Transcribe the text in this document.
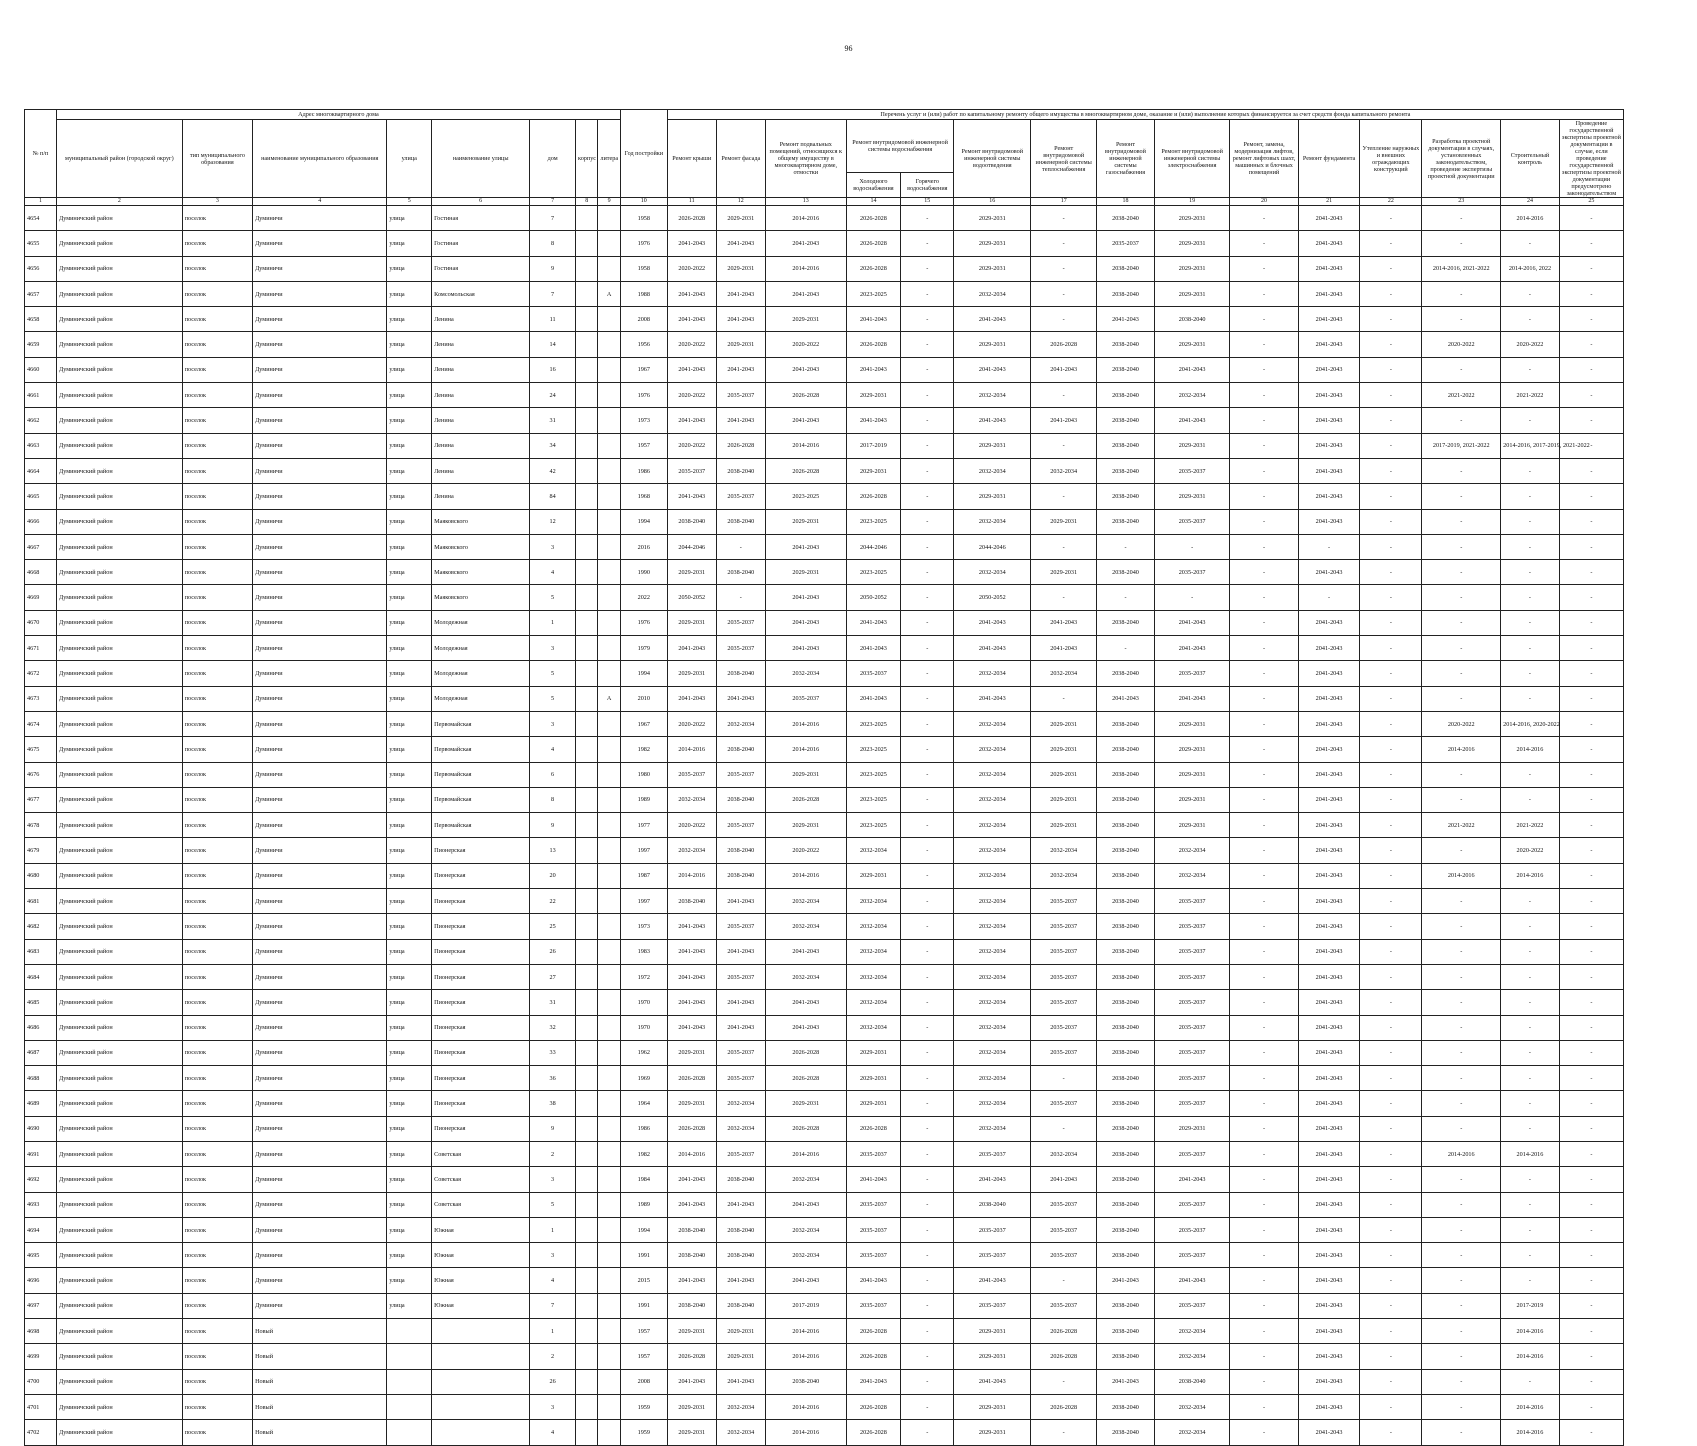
96
№ п/п	Адрес многоквартирного дома								Год постройки	Перечень услуг и (или) работ по капитальному ремонту общего имущества в многоквартирном доме, оказание и (или) выполнение которых финансируется за счет средств фонда капитального ремонта														
	муниципальный район (городской округ)	тип муниципального образования	наименование муниципального образования	улица	наименование улицы	дом	корпус	литера		Ремонт крыши	Ремонт фасада	Ремонт подвальных помещений, относящихся к общему имуществу в многоквартирном доме, отмостки	Ремонт внутридомовой инженерной системы водоснабжения		Ремонт внутридомовой инженерной системы водоотведения	Ремонт внутридомовой инженерной системы теплоснабжения	Ремонт внутридомовой инженерной системы газоснабжения	Ремонт внутридомовой инженерной системы электроснабжения	Ремонт, замена, модернизация лифтов, ремонт лифтовых шахт, машинных и блочных помещений	Ремонт фундамента	Утепление наружных и внешних ограждающих конструкций	Разработка проектной документации в случаях, установленных законодательством, проведение экспертизы проектной документации	Строительный контроль	Проведение государственной экспертизы проектной документации в случае, если проведение государственной экспертизы проектной документации предусмотрено законодательством
													Холодного водоснабжения	Горячего водоснабжения										
1	2	3	4	5	6	7	8	9	10	11	12	13	14	15	16	17	18	19	20	21	22	23	24	25
4654	Думиничский район	поселок	Думиничи	улица	Гостиная	7			1958	2026-2028	2029-2031	2014-2016	2026-2028	-	2029-2031	-	2038-2040	2029-2031	-	2041-2043	-	-	2014-2016	-
4655	Думиничский район	поселок	Думиничи	улица	Гостиная	8			1976	2041-2043	2041-2043	2041-2043	2026-2028	-	2029-2031	-	2035-2037	2029-2031	-	2041-2043	-	-	-	-
4656	Думиничский район	поселок	Думиничи	улица	Гостиная	9			1958	2020-2022	2029-2031	2014-2016	2026-2028	-	2029-2031	-	2038-2040	2029-2031	-	2041-2043	-	2014-2016, 2021-2022	2014-2016, 2022	-
4657	Думиничский район	поселок	Думиничи	улица	Комсомольская	7		А	1988	2041-2043	2041-2043	2041-2043	2023-2025	-	2032-2034	-	2038-2040	2029-2031	-	2041-2043	-	-	-	-
4658	Думиничский район	поселок	Думиничи	улица	Ленина	11			2008	2041-2043	2041-2043	2029-2031	2041-2043	-	2041-2043	-	2041-2043	2038-2040	-	2041-2043	-	-	-	-
4659	Думиничский район	поселок	Думиничи	улица	Ленина	14			1956	2020-2022	2029-2031	2020-2022	2026-2028	-	2029-2031	2026-2028	2038-2040	2029-2031	-	2041-2043	-	2020-2022	2020-2022	-
4660	Думиничский район	поселок	Думиничи	улица	Ленина	16			1967	2041-2043	2041-2043	2041-2043	2041-2043	-	2041-2043	2041-2043	2038-2040	2041-2043	-	2041-2043	-	-	-	-
4661	Думиничский район	поселок	Думиничи	улица	Ленина	24			1976	2020-2022	2035-2037	2026-2028	2029-2031	-	2032-2034	-	2038-2040	2032-2034	-	2041-2043	-	2021-2022	2021-2022	-
4662	Думиничский район	поселок	Думиничи	улица	Ленина	31			1973	2041-2043	2041-2043	2041-2043	2041-2043	-	2041-2043	2041-2043	2038-2040	2041-2043	-	2041-2043	-	-	-	-
4663	Думиничский район	поселок	Думиничи	улица	Ленина	34			1957	2020-2022	2026-2028	2014-2016	2017-2019	-	2029-2031	-	2038-2040	2029-2031	-	2041-2043	-	2017-2019, 2021-2022	2014-2016, 2017-2019, 2021-2022	-
4664	Думиничский район	поселок	Думиничи	улица	Ленина	42			1986	2035-2037	2038-2040	2026-2028	2029-2031	-	2032-2034	2032-2034	2038-2040	2035-2037	-	2041-2043	-	-	-	-
4665	Думиничский район	поселок	Думиничи	улица	Ленина	84			1968	2041-2043	2035-2037	2023-2025	2026-2028	-	2029-2031	-	2038-2040	2029-2031	-	2041-2043	-	-	-	-
4666	Думиничский район	поселок	Думиничи	улица	Маяковского	12			1994	2038-2040	2038-2040	2029-2031	2023-2025	-	2032-2034	2029-2031	2038-2040	2035-2037	-	2041-2043	-	-	-	-
4667	Думиничский район	поселок	Думиничи	улица	Маяковского	3			2016	2044-2046	-	2041-2043	2044-2046	-	2044-2046	-	-	-	-	-	-	-	-	-
4668	Думиничский район	поселок	Думиничи	улица	Маяковского	4			1990	2029-2031	2038-2040	2029-2031	2023-2025	-	2032-2034	2029-2031	2038-2040	2035-2037	-	2041-2043	-	-	-	-
4669	Думиничский район	поселок	Думиничи	улица	Маяковского	5			2022	2050-2052	-	2041-2043	2050-2052	-	2050-2052	-	-	-	-	-	-	-	-	-
4670	Думиничский район	поселок	Думиничи	улица	Молодежная	1			1976	2029-2031	2035-2037	2041-2043	2041-2043	-	2041-2043	2041-2043	2038-2040	2041-2043	-	2041-2043	-	-	-	-
4671	Думиничский район	поселок	Думиничи	улица	Молодежная	3			1979	2041-2043	2035-2037	2041-2043	2041-2043	-	2041-2043	2041-2043	-	2041-2043	-	2041-2043	-	-	-	-
4672	Думиничский район	поселок	Думиничи	улица	Молодежная	5			1994	2029-2031	2038-2040	2032-2034	2035-2037	-	2032-2034	2032-2034	2038-2040	2035-2037	-	2041-2043	-	-	-	-
4673	Думиничский район	поселок	Думиничи	улица	Молодежная	5		А	2010	2041-2043	2041-2043	2035-2037	2041-2043	-	2041-2043	-	2041-2043	2041-2043	-	2041-2043	-	-	-	-
4674	Думиничский район	поселок	Думиничи	улица	Первомайская	3			1967	2020-2022	2032-2034	2014-2016	2023-2025	-	2032-2034	2029-2031	2038-2040	2029-2031	-	2041-2043	-	2020-2022	2014-2016, 2020-2022	-
4675	Думиничский район	поселок	Думиничи	улица	Первомайская	4			1982	2014-2016	2038-2040	2014-2016	2023-2025	-	2032-2034	2029-2031	2038-2040	2029-2031	-	2041-2043	-	2014-2016	2014-2016	-
4676	Думиничский район	поселок	Думиничи	улица	Первомайская	6			1980	2035-2037	2035-2037	2029-2031	2023-2025	-	2032-2034	2029-2031	2038-2040	2029-2031	-	2041-2043	-	-	-	-
4677	Думиничский район	поселок	Думиничи	улица	Первомайская	8			1989	2032-2034	2038-2040	2026-2028	2023-2025	-	2032-2034	2029-2031	2038-2040	2029-2031	-	2041-2043	-	-	-	-
4678	Думиничский район	поселок	Думиничи	улица	Первомайская	9			1977	2020-2022	2035-2037	2029-2031	2023-2025	-	2032-2034	2029-2031	2038-2040	2029-2031	-	2041-2043	-	2021-2022	2021-2022	-
4679	Думиничский район	поселок	Думиничи	улица	Пионерская	13			1997	2032-2034	2038-2040	2020-2022	2032-2034	-	2032-2034	2032-2034	2038-2040	2032-2034	-	2041-2043	-	-	2020-2022	-
4680	Думиничский район	поселок	Думиничи	улица	Пионерская	20			1987	2014-2016	2038-2040	2014-2016	2029-2031	-	2032-2034	2032-2034	2038-2040	2032-2034	-	2041-2043	-	2014-2016	2014-2016	-
4681	Думиничский район	поселок	Думиничи	улица	Пионерская	22			1997	2038-2040	2041-2043	2032-2034	2032-2034	-	2032-2034	2035-2037	2038-2040	2035-2037	-	2041-2043	-	-	-	-
4682	Думиничский район	поселок	Думиничи	улица	Пионерская	25			1973	2041-2043	2035-2037	2032-2034	2032-2034	-	2032-2034	2035-2037	2038-2040	2035-2037	-	2041-2043	-	-	-	-
4683	Думиничский район	поселок	Думиничи	улица	Пионерская	26			1983	2041-2043	2041-2043	2041-2043	2032-2034	-	2032-2034	2035-2037	2038-2040	2035-2037	-	2041-2043	-	-	-	-
4684	Думиничский район	поселок	Думиничи	улица	Пионерская	27			1972	2041-2043	2035-2037	2032-2034	2032-2034	-	2032-2034	2035-2037	2038-2040	2035-2037	-	2041-2043	-	-	-	-
4685	Думиничский район	поселок	Думиничи	улица	Пионерская	31			1970	2041-2043	2041-2043	2041-2043	2032-2034	-	2032-2034	2035-2037	2038-2040	2035-2037	-	2041-2043	-	-	-	-
4686	Думиничский район	поселок	Думиничи	улица	Пионерская	32			1970	2041-2043	2041-2043	2041-2043	2032-2034	-	2032-2034	2035-2037	2038-2040	2035-2037	-	2041-2043	-	-	-	-
4687	Думиничский район	поселок	Думиничи	улица	Пионерская	33			1962	2029-2031	2035-2037	2026-2028	2029-2031	-	2032-2034	2035-2037	2038-2040	2035-2037	-	2041-2043	-	-	-	-
4688	Думиничский район	поселок	Думиничи	улица	Пионерская	36			1969	2026-2028	2035-2037	2026-2028	2029-2031	-	2032-2034	-	2038-2040	2035-2037	-	2041-2043	-	-	-	-
4689	Думиничский район	поселок	Думиничи	улица	Пионерская	38			1964	2029-2031	2032-2034	2029-2031	2029-2031	-	2032-2034	2035-2037	2038-2040	2035-2037	-	2041-2043	-	-	-	-
4690	Думиничский район	поселок	Думиничи	улица	Пионерская	9			1986	2026-2028	2032-2034	2026-2028	2026-2028	-	2032-2034	-	2038-2040	2029-2031	-	2041-2043	-	-	-	-
4691	Думиничский район	поселок	Думиничи	улица	Советская	2			1982	2014-2016	2035-2037	2014-2016	2035-2037	-	2035-2037	2032-2034	2038-2040	2035-2037	-	2041-2043	-	2014-2016	2014-2016	-
4692	Думиничский район	поселок	Думиничи	улица	Советская	3			1984	2041-2043	2038-2040	2032-2034	2041-2043	-	2041-2043	2041-2043	2038-2040	2041-2043	-	2041-2043	-	-	-	-
4693	Думиничский район	поселок	Думиничи	улица	Советская	5			1989	2041-2043	2041-2043	2041-2043	2035-2037	-	2038-2040	2035-2037	2038-2040	2035-2037	-	2041-2043	-	-	-	-
4694	Думиничский район	поселок	Думиничи	улица	Южная	1			1994	2038-2040	2038-2040	2032-2034	2035-2037	-	2035-2037	2035-2037	2038-2040	2035-2037	-	2041-2043	-	-	-	-
4695	Думиничский район	поселок	Думиничи	улица	Южная	3			1991	2038-2040	2038-2040	2032-2034	2035-2037	-	2035-2037	2035-2037	2038-2040	2035-2037	-	2041-2043	-	-	-	-
4696	Думиничский район	поселок	Думиничи	улица	Южная	4			2015	2041-2043	2041-2043	2041-2043	2041-2043	-	2041-2043	-	2041-2043	2041-2043	-	2041-2043	-	-	-	-
4697	Думиничский район	поселок	Думиничи	улица	Южная	7			1991	2038-2040	2038-2040	2017-2019	2035-2037	-	2035-2037	2035-2037	2038-2040	2035-2037	-	2041-2043	-	-	2017-2019	-
4698	Думиничский район	поселок	Новый			1			1957	2029-2031	2029-2031	2014-2016	2026-2028	-	2029-2031	2026-2028	2038-2040	2032-2034	-	2041-2043	-	-	2014-2016	-
4699	Думиничский район	поселок	Новый			2			1957	2026-2028	2029-2031	2014-2016	2026-2028	-	2029-2031	2026-2028	2038-2040	2032-2034	-	2041-2043	-	-	2014-2016	-
4700	Думиничский район	поселок	Новый			26			2008	2041-2043	2041-2043	2038-2040	2041-2043	-	2041-2043	-	2041-2043	2038-2040	-	2041-2043	-	-	-	-
4701	Думиничский район	поселок	Новый			3			1959	2029-2031	2032-2034	2014-2016	2026-2028	-	2029-2031	2026-2028	2038-2040	2032-2034	-	2041-2043	-	-	2014-2016	-
4702	Думиничский район	поселок	Новый			4			1959	2029-2031	2032-2034	2014-2016	2026-2028	-	2029-2031	-	2038-2040	2032-2034	-	2041-2043	-	-	2014-2016	-
